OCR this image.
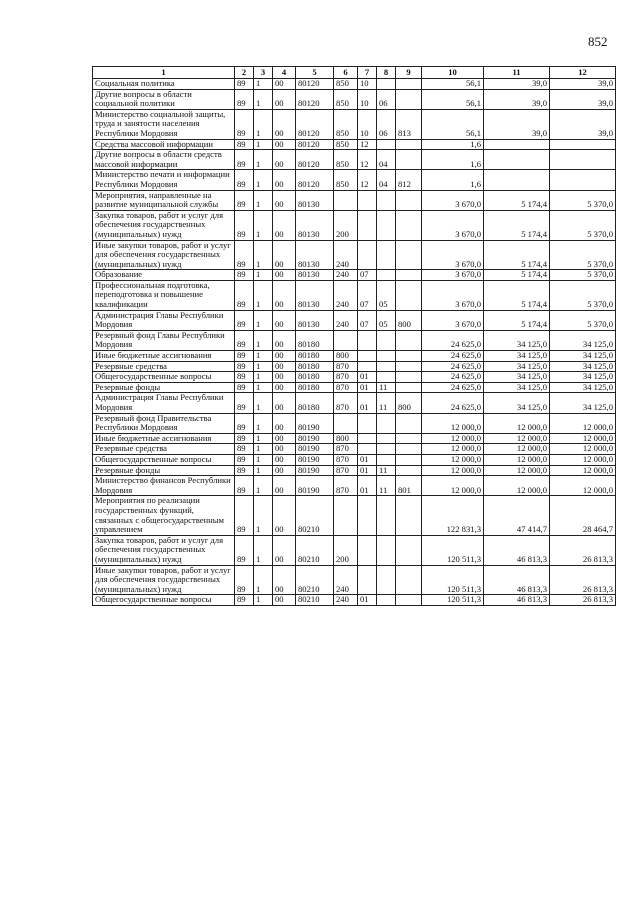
852
1	2	3	4	5	6	7	8	9	10	11	12
Социальная политика	89	1	00	80120	850	10			56,1	39,0	39,0
Другие вопросы в области социальной политики	89	1	00	80120	850	10	06		56,1	39,0	39,0
Министерство социальной защиты, труда и занятости населения Республики Мордовия	89	1	00	80120	850	10	06	813	56,1	39,0	39,0
Средства массовой информации	89	1	00	80120	850	12			1,6		
Другие вопросы в области средств массовой информации	89	1	00	80120	850	12	04		1,6		
Министерство печати и информации Республики Мордовия	89	1	00	80120	850	12	04	812	1,6		
Мероприятия, направленные на развитие муниципальной службы	89	1	00	80130					3 670,0	5 174,4	5 370,0
Закупка товаров, работ и услуг для обеспечения государственных (муниципальных) нужд	89	1	00	80130	200				3 670,0	5 174,4	5 370,0
Иные закупки товаров, работ и услуг для обеспечения государственных (муниципальных) нужд	89	1	00	80130	240				3 670,0	5 174,4	5 370,0
Образование	89	1	00	80130	240	07			3 670,0	5 174,4	5 370,0
Профессиональная подготовка, переподготовка и повышение квалификации	89	1	00	80130	240	07	05		3 670,0	5 174,4	5 370,0
Администрация Главы Республики Мордовия	89	1	00	80130	240	07	05	800	3 670,0	5 174,4	5 370,0
Резервный фонд Главы Республики Мордовия	89	1	00	80180					24 625,0	34 125,0	34 125,0
Иные бюджетные ассигнования	89	1	00	80180	800				24 625,0	34 125,0	34 125,0
Резервные средства	89	1	00	80180	870				24 625,0	34 125,0	34 125,0
Общегосударственные вопросы	89	1	00	80180	870	01			24 625,0	34 125,0	34 125,0
Резервные фонды	89	1	00	80180	870	01	11		24 625,0	34 125,0	34 125,0
Администрация Главы Республики Мордовия	89	1	00	80180	870	01	11	800	24 625,0	34 125,0	34 125,0
Резервный фонд Правительства Республики Мордовия	89	1	00	80190					12 000,0	12 000,0	12 000,0
Иные бюджетные ассигнования	89	1	00	80190	800				12 000,0	12 000,0	12 000,0
Резервные средства	89	1	00	80190	870				12 000,0	12 000,0	12 000,0
Общегосударственные вопросы	89	1	00	80190	870	01			12 000,0	12 000,0	12 000,0
Резервные фонды	89	1	00	80190	870	01	11		12 000,0	12 000,0	12 000,0
Министерство финансов Республики Мордовия	89	1	00	80190	870	01	11	801	12 000,0	12 000,0	12 000,0
Мероприятия по реализации государственных функций, связанных с общегосударственным управлением	89	1	00	80210					122 831,3	47 414,7	28 464,7
Закупка товаров, работ и услуг для обеспечения государственных (муниципальных) нужд	89	1	00	80210	200				120 511,3	46 813,3	26 813,3
Иные закупки товаров, работ и услуг для обеспечения государственных (муниципальных) нужд	89	1	00	80210	240				120 511,3	46 813,3	26 813,3
Общегосударственные вопросы	89	1	00	80210	240	01			120 511,3	46 813,3	26 813,3
